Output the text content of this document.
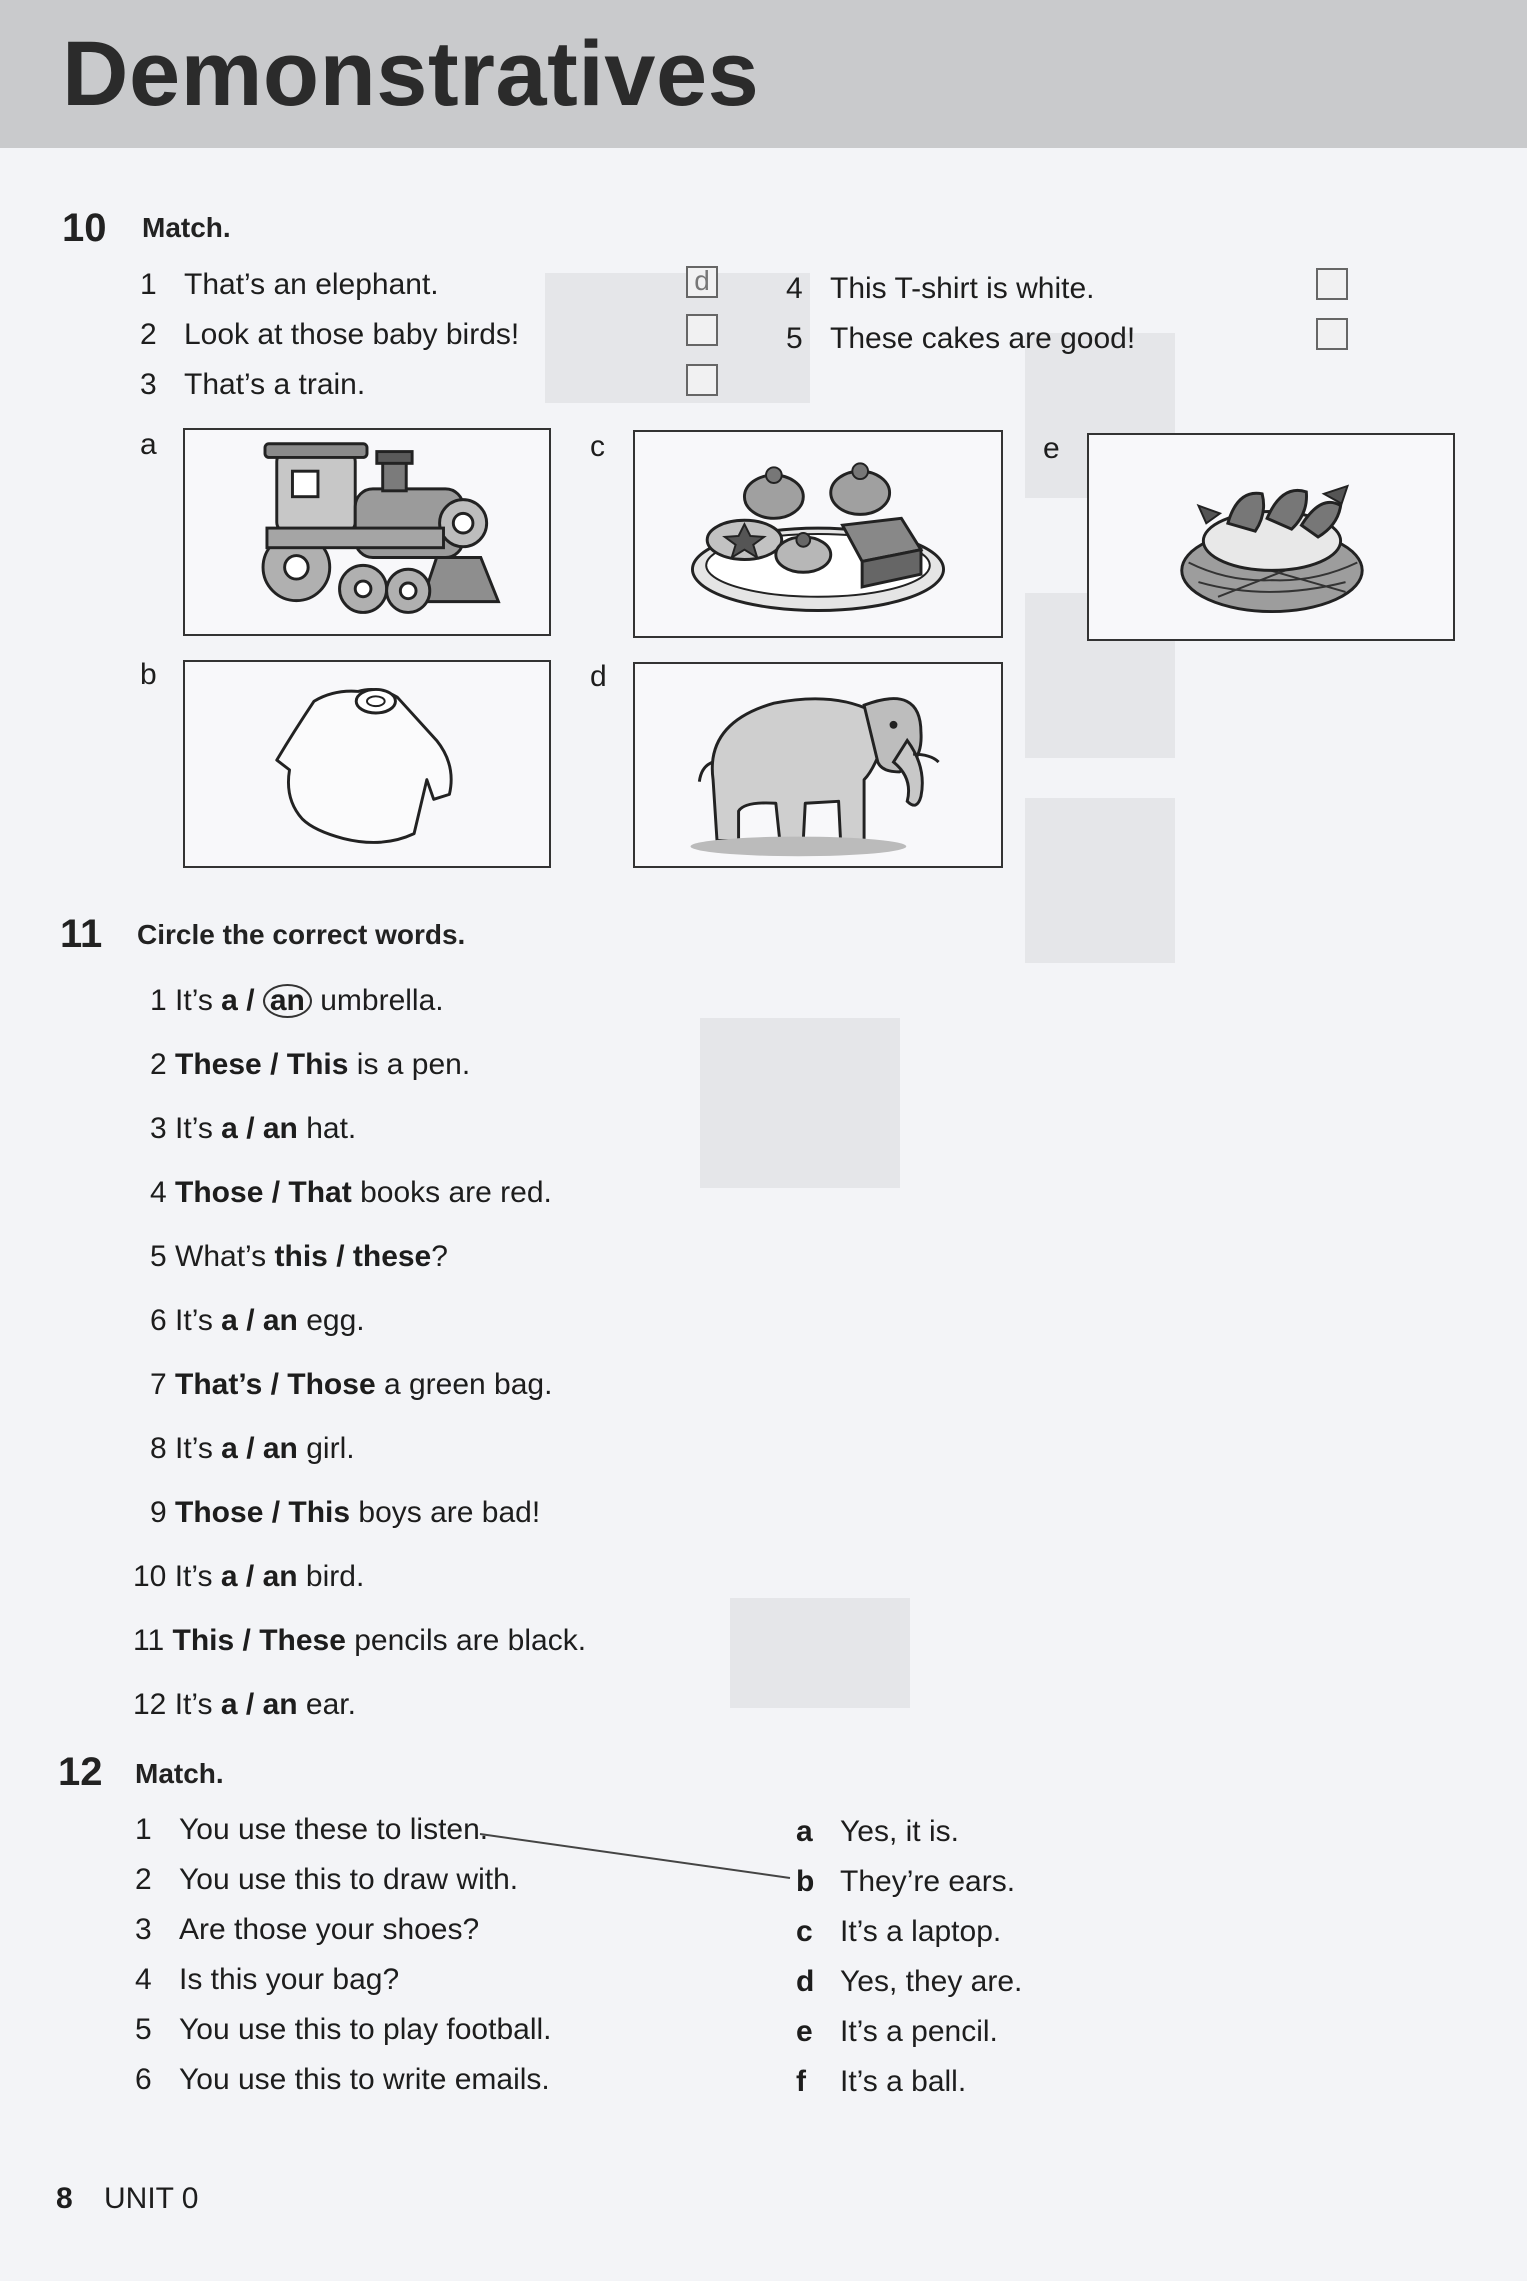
Demonstratives
10 Match.
1 That’s an elephant.
2 Look at those baby birds!
3 That’s a train.
4 This T-shirt is white.
5 These cakes are good!
d
a
b
c
d
e
11 Circle the correct words.
1 It’s a / an umbrella.
2 These / This is a pen.
3 It’s a / an hat.
4 Those / That books are red.
5 What’s this / these?
6 It’s a / an egg.
7 That’s / Those a green bag.
8 It’s a / an girl.
9 Those / This boys are bad!
10 It’s a / an bird.
11 This / These pencils are black.
12 It’s a / an ear.
12 Match.
1 You use these to listen.
2 You use this to draw with.
3 Are those your shoes?
4 Is this your bag?
5 You use this to play football.
6 You use this to write emails.
a Yes, it is.
b They’re ears.
c It’s a laptop.
d Yes, they are.
e It’s a pencil.
f It’s a ball.
8 UNIT 0
